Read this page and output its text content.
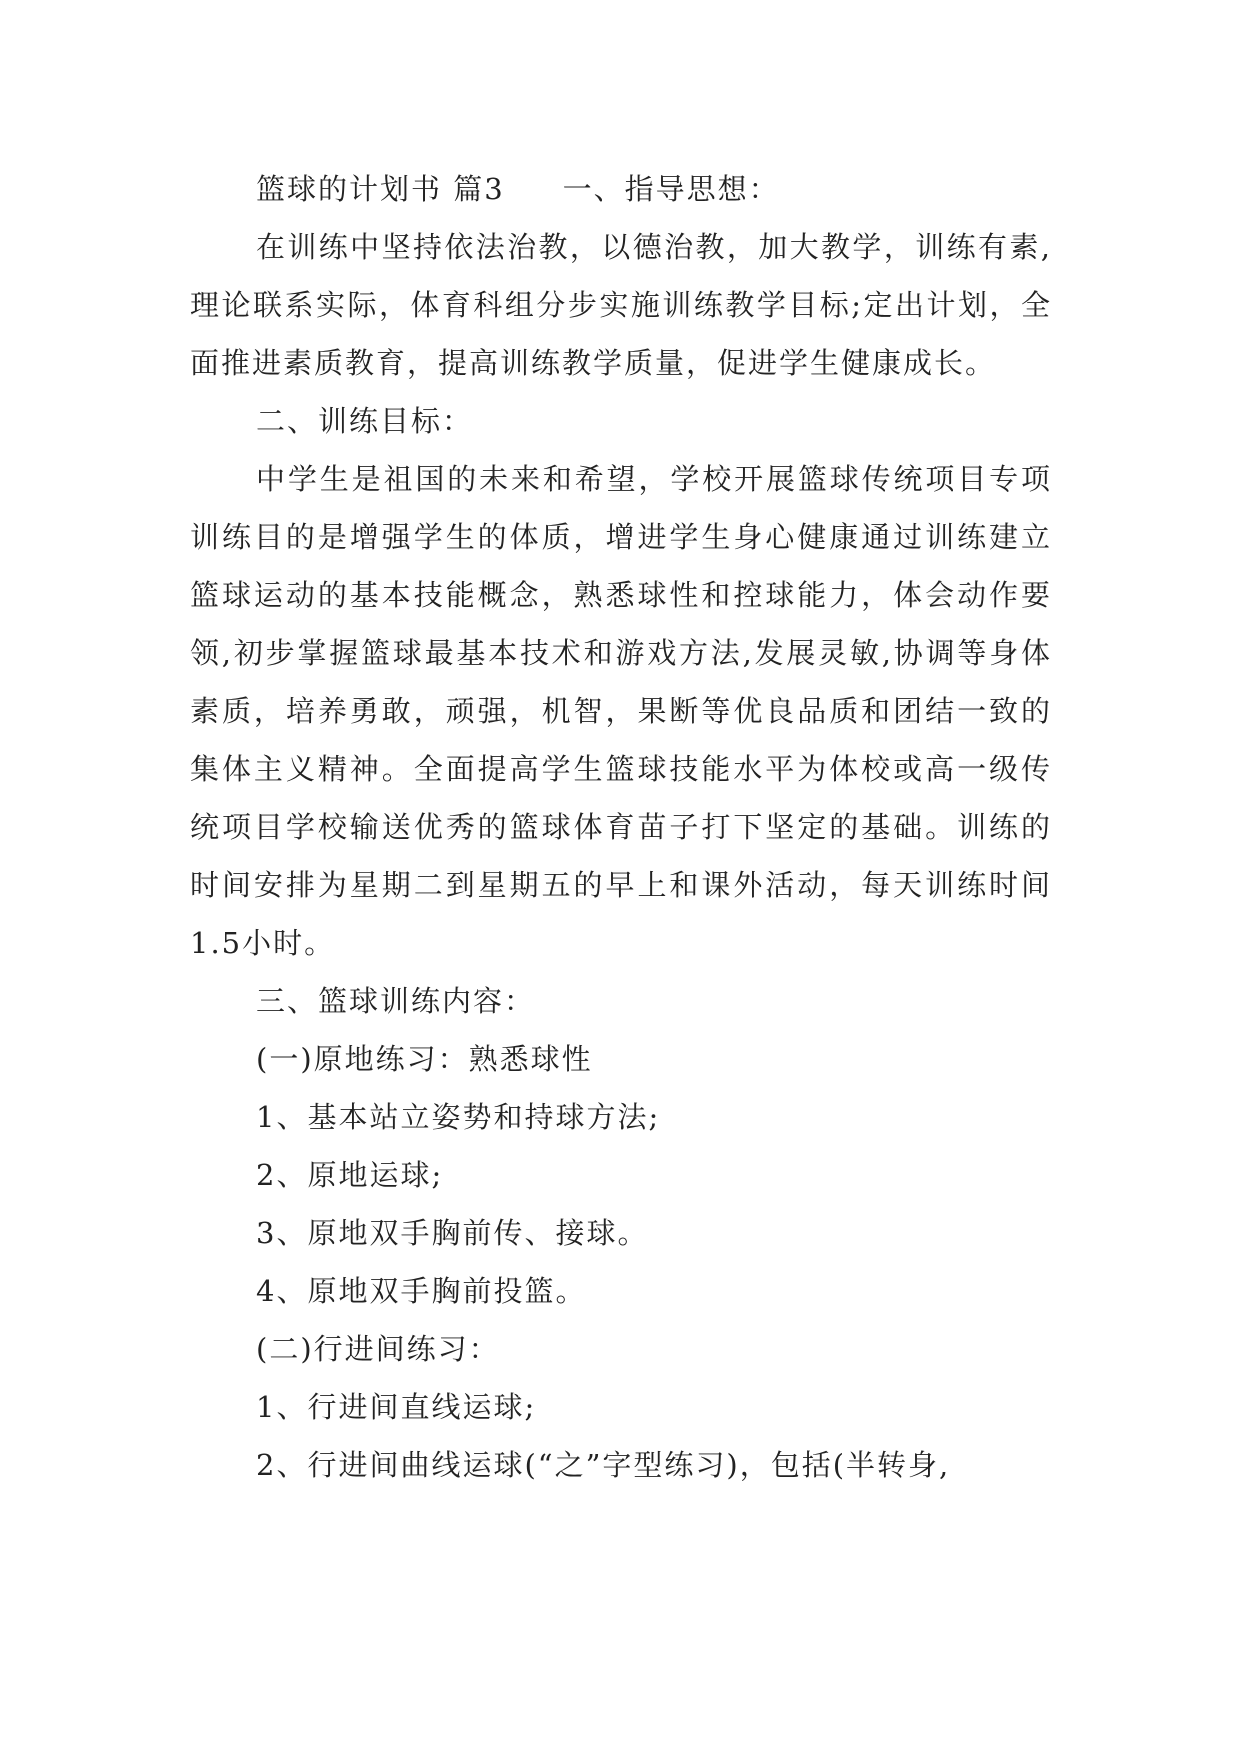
篮球的计划书 篇3 一、指导思想：

在训练中坚持依法治教，以德治教，加大教学，训练有素,理论联系实际，体育科组分步实施训练教学目标;定出计划，全面推进素质教育，提高训练教学质量，促进学生健康成长。

二、训练目标：

中学生是祖国的未来和希望，学校开展篮球传统项目专项训练目的是增强学生的体质，增进学生身心健康通过训练建立篮球运动的基本技能概念，熟悉球性和控球能力，体会动作要领,初步掌握篮球最基本技术和游戏方法,发展灵敏,协调等身体素质，培养勇敢，顽强，机智，果断等优良品质和团结一致的集体主义精神。全面提高学生篮球技能水平为体校或高一级传统项目学校输送优秀的篮球体育苗子打下坚定的基础。训练的时间安排为星期二到星期五的早上和课外活动，每天训练时间1.5小时。

三、篮球训练内容：

(一)原地练习：熟悉球性

1、基本站立姿势和持球方法;

2、原地运球;

3、原地双手胸前传、接球。

4、原地双手胸前投篮。

(二)行进间练习：

1、行进间直线运球;

2、行进间曲线运球(“之”字型练习)，包括(半转身,
